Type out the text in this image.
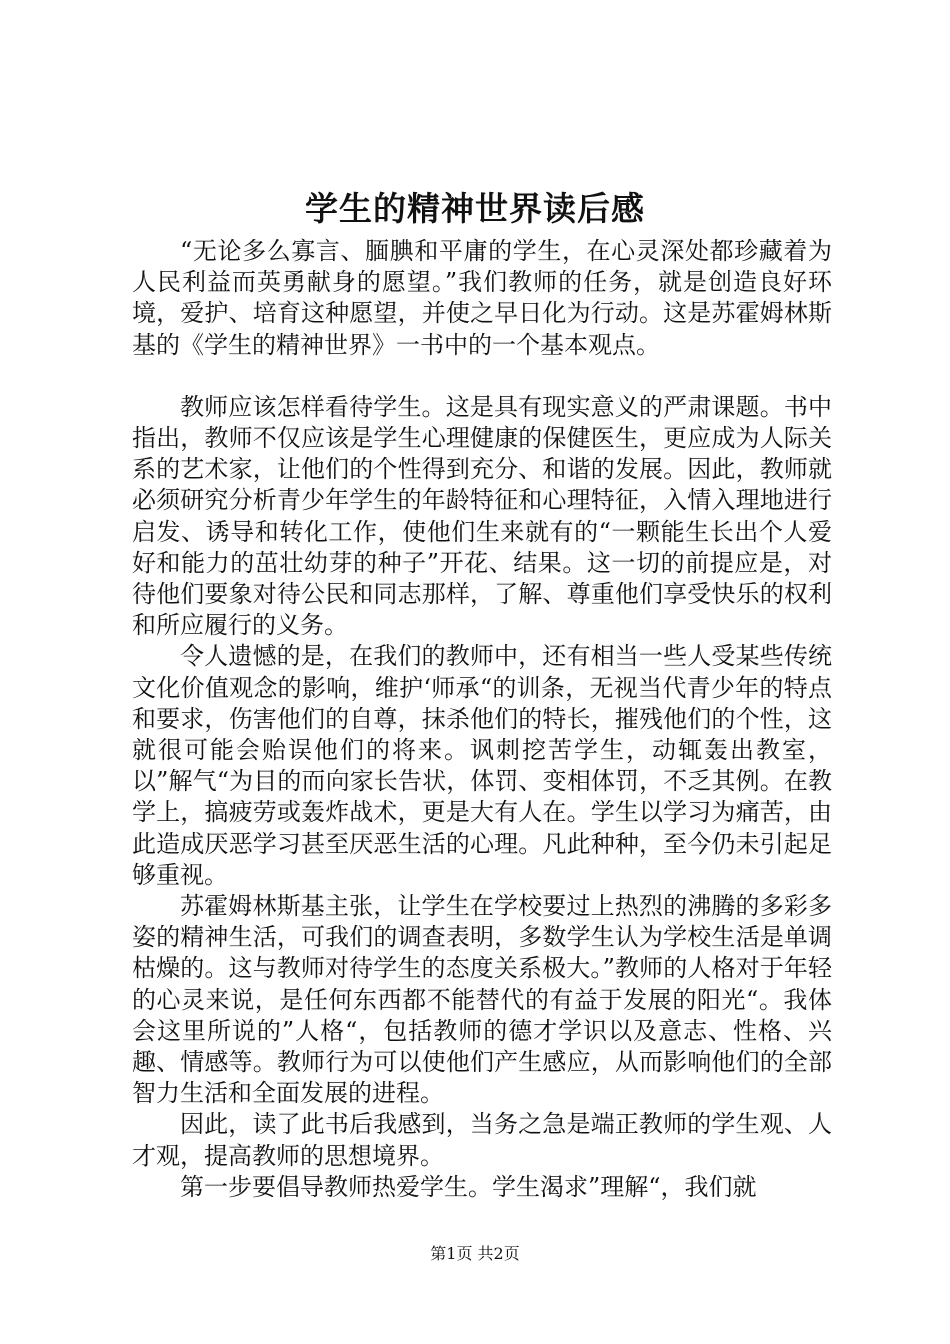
学生的精神世界读后感

“无论多么寡言、腼腆和平庸的学生，在心灵深处都珍藏着为人民利益而英勇献身的愿望。”我们教师的任务，就是创造良好环境，爱护、培育这种愿望，并使之早日化为行动。这是苏霍姆林斯基的《学生的精神世界》一书中的一个基本观点。

教师应该怎样看待学生。这是具有现实意义的严肃课题。书中指出，教师不仅应该是学生心理健康的保健医生，更应成为人际关系的艺术家，让他们的个性得到充分、和谐的发展。因此，教师就必须研究分析青少年学生的年龄特征和心理特征，入情入理地进行启发、诱导和转化工作，使他们生来就有的“一颗能生长出个人爱好和能力的茁壮幼芽的种子”开花、结果。这一切的前提应是，对待他们要象对待公民和同志那样，了解、尊重他们享受快乐的权利和所应履行的义务。

令人遗憾的是，在我们的教师中，还有相当一些人受某些传统文化价值观念的影响，维护‘师承“的训条，无视当代青少年的特点和要求，伤害他们的自尊，抹杀他们的特长，摧残他们的个性，这就很可能会贻误他们的将来。讽刺挖苦学生，动辄轰出教室，以”解气“为目的而向家长告状，体罚、变相体罚，不乏其例。在教学上，搞疲劳或轰炸战术，更是大有人在。学生以学习为痛苦，由此造成厌恶学习甚至厌恶生活的心理。凡此种种，至今仍未引起足够重视。

苏霍姆林斯基主张，让学生在学校要过上热烈的沸腾的多彩多姿的精神生活，可我们的调查表明，多数学生认为学校生活是单调枯燥的。这与教师对待学生的态度关系极大。”教师的人格对于年轻的心灵来说，是任何东西都不能替代的有益于发展的阳光“。我体会这里所说的”人格“，包括教师的德才学识以及意志、性格、兴趣、情感等。教师行为可以使他们产生感应，从而影响他们的全部智力生活和全面发展的进程。

因此，读了此书后我感到，当务之急是端正教师的学生观、人才观，提高教师的思想境界。

第一步要倡导教师热爱学生。学生渴求”理解“，我们就

第1页 共2页
